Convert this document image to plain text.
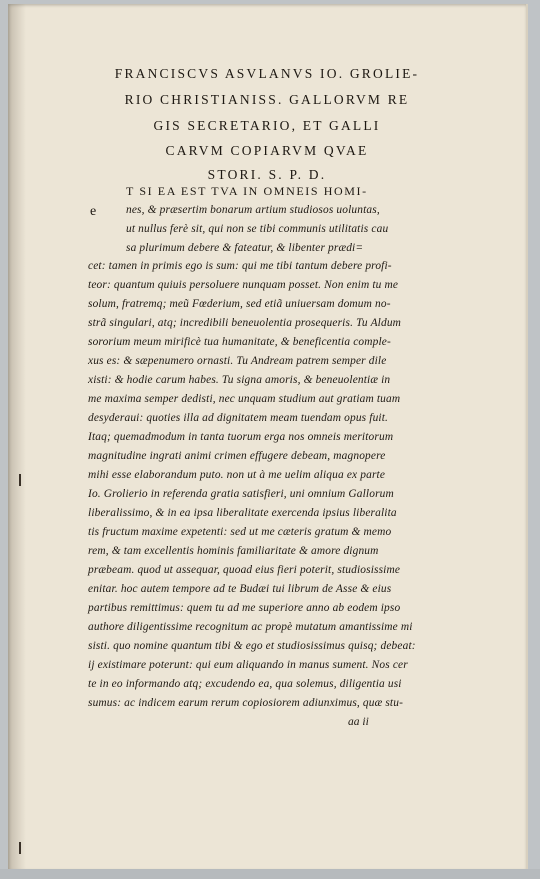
FRANCISCVS ASVLANVS IO. GROLIE-
RIO CHRISTIANISS. GALLORVM RE
GIS SECRETARIO, ET GALLI
CARVM COPIARVM QVAE
STORI. S. P. D.
e
T SI EA EST TVA IN OMNEIS HOMI-
nes, & præsertim bonarum artium studiosos uoluntas,
ut nullus ferè sit, qui non se tibi communis utilitatis cau
sa plurimum debere & fateatur, & libenter prædi=
cet: tamen in primis ego is sum: qui me tibi tantum debere profi-
teor: quantum quiuis persoluere nunquam posset. Non enim tu me
solum, fratremq; meũ Fœderium, sed etiã uniuersam domum no-
strã singulari, atq; incredibili beneuolentia prosequeris. Tu Aldum
sororium meum mirificè tua humanitate, & beneficentia comple-
xus es: & sæpenumero ornasti. Tu Andream patrem semper dile
xisti: & hodie carum habes. Tu signa amoris, & beneuolentiæ in
me maxima semper dedisti, nec unquam studium aut gratiam tuam
desyderaui: quoties illa ad dignitatem meam tuendam opus fuit.
Itaq; quemadmodum in tanta tuorum erga nos omneis meritorum
magnitudine ingrati animi crimen effugere debeam, magnopere
mihi esse elaborandum puto. non ut à me uelim aliqua ex parte
Io. Grolierio in referenda gratia satisfieri, uni omnium Gallorum
liberalissimo, & in ea ipsa liberalitate exercenda ipsius liberalita
tis fructum maxime expetenti: sed ut me cæteris gratum & memo
rem, & tam excellentis hominis familiaritate & amore dignum
præbeam. quod ut assequar, quoad eius fieri poterit, studiosissime
enitar. hoc autem tempore ad te Budæi tui librum de Asse & eius
partibus remittimus: quem tu ad me superiore anno ab eodem ipso
authore diligentissime recognitum ac propè mutatum amantissime mi
sisti. quo nomine quantum tibi & ego et studiosissimus quisq; debeat:
ij existimare poterunt: qui eum aliquando in manus sument. Nos cer
te in eo informando atq; excudendo ea, qua solemus, diligentia usi
sumus: ac indicem earum rerum copiosiorem adiunximus, quæ stu-
aa ii
